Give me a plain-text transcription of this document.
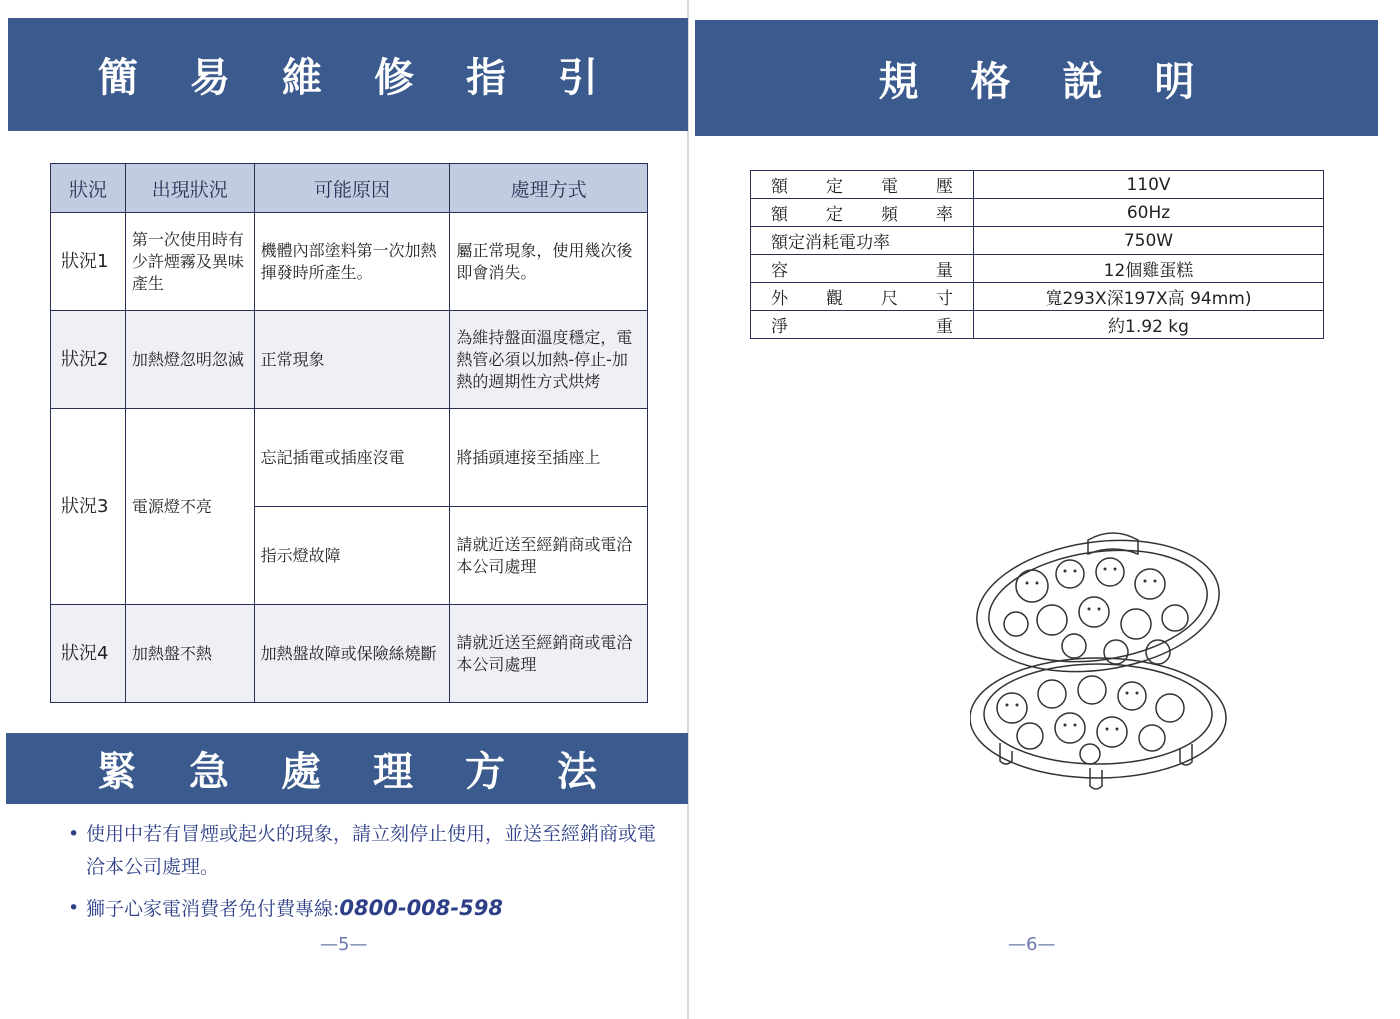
簡 易 維 修 指 引
狀況	出現狀況	可能原因	處理方式
狀況1	第一次使用時有少許煙霧及異味產生	機體內部塗料第一次加熱揮發時所產生。	屬正常現象，使用幾次後即會消失。
狀況2	加熱燈忽明忽滅	正常現象	為維持盤面溫度穩定，電熱管必須以加熱-停止-加熱的週期性方式烘烤
狀況3	電源燈不亮	忘記插電或插座沒電	將插頭連接至插座上
		指示燈故障	請就近送至經銷商或電洽本公司處理
狀況4	加熱盤不熱	加熱盤故障或保險絲燒斷	請就近送至經銷商或電洽本公司處理
緊 急 處 理 方 法
• 使用中若有冒煙或起火的現象，請立刻停止使用，並送至經銷商或電洽本公司處理。
• 獅子心家電消費者免付費專線:0800-008-598
—5—
規 格 說 明
額 定 電 壓	110V

額 定 頻 率	60Hz
額定消耗電功率	750W

容 量	12個雞蛋糕

外 觀 尺 寸	寬293X深197X高 94mm)

淨 重	約1.92 kg
—6—
